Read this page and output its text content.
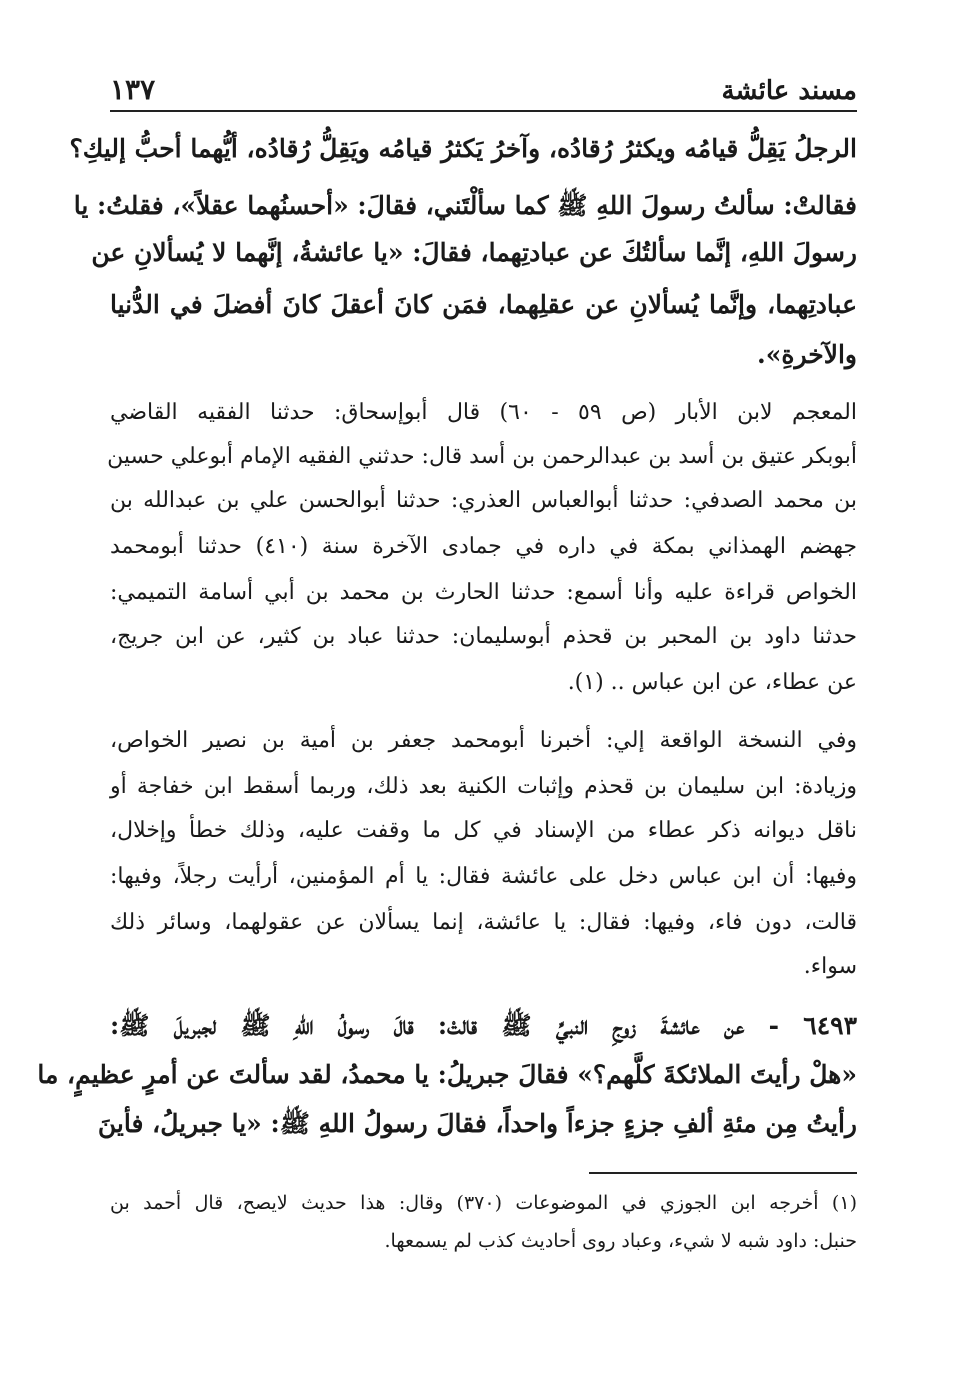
مسند عائشة
١٣٧
الرجلُ يَقِلُّ قيامُه ويكثرُ رُقادُه، وآخرُ يَكثرُ قيامُه ويَقِلُّ رُقادُه، أيُّهما أحبُّ إليكِ؟
فقالتْ: سألتُ رسولَ اللهِ ﷺ كما سألْتَني، فقالَ: «أحسنُهما عقلاً»، فقلتُ: يا
رسولَ اللهِ، إنَّما سألتُكَ عن عبادتِهما، فقالَ: «يا عائشةُ، إنَّهما لا يُسألانِ عن
عبادتِهما، وإنَّما يُسألانِ عن عقلِهما، فمَن كانَ أعقلَ كانَ أفضلَ في الدُّنيا
والآخرةِ».
المعجم لابن الأبار (ص ٥٩ - ٦٠) قال أبوإسحاق: حدثنا الفقيه القاضي
أبوبكر عتيق بن أسد بن عبدالرحمن بن أسد قال: حدثني الفقيه الإمام أبوعلي حسين
بن محمد الصدفي: حدثنا أبوالعباس العذري: حدثنا أبوالحسن علي بن عبدالله بن
جهضم الهمذاني بمكة في داره في جمادى الآخرة سنة (٤١٠) حدثنا أبومحمد
الخواص قراءة عليه وأنا أسمع: حدثنا الحارث بن محمد بن أبي أسامة التميمي:
حدثنا داود بن المحبر بن قحذم أبوسليمان: حدثنا عباد بن كثير، عن ابن جريج،
عن عطاء، عن ابن عباس .. (١).
وفي النسخة الواقعة إلي: أخبرنا أبومحمد جعفر بن أمية بن نصير الخواص،
وزيادة: ابن سليمان بن قحذم وإثبات الكنية بعد ذلك، وربما أسقط ابن خفاجة أو
ناقل ديوانه ذكر عطاء من الإسناد في كل ما وقفت عليه، وذلك خطأ وإخلال،
وفيها: أن ابن عباس دخل على عائشة فقال: يا أم المؤمنين، أرأيت رجلاً، وفيها:
قالت، دون فاء، وفيها: فقال: يا عائشة، إنما يسألان عن عقولهما، وسائر ذلك
سواء.
٦٤٩٣ - عن عائشةَ زوجِ النبيِّ ﷺ قالتْ: قالَ رسولُ اللهِ ﷺ لجبريلَ ﷺ:
«هلْ رأيتَ الملائكةَ كلَّهم؟» فقالَ جبريلُ: يا محمدُ، لقد سألتَ عن أمرٍ عظيمٍ، ما
رأيتُ مِن مئةِ ألفِ جزءٍ جزءاً واحداً، فقالَ رسولُ اللهِ ﷺ: «يا جبريلُ، فأينَ
(١) أخرجه ابن الجوزي في الموضوعات (٣٧٠) وقال: هذا حديث لايصح، قال أحمد بن
حنبل: داود شبه لا شيء، وعباد روى أحاديث كذب لم يسمعها.
